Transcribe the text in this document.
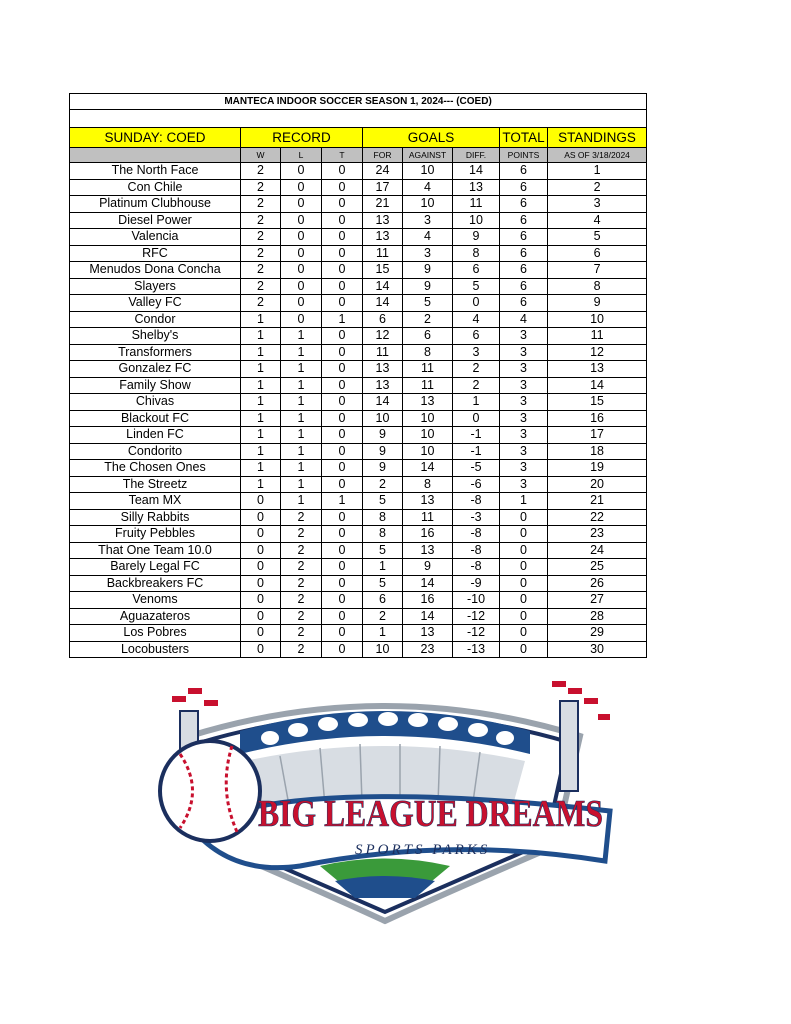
MANTECA INDOOR SOCCER SEASON 1, 2024--- (COED)								

SUNDAY: COED	RECORD			GOALS			TOTAL	STANDINGS
	W	L	T	FOR	AGAINST	DIFF.	POINTS	AS OF 3/18/2024
The North Face	2	0	0	24	10	14	6	1
Con Chile	2	0	0	17	4	13	6	2
Platinum Clubhouse	2	0	0	21	10	11	6	3
Diesel Power	2	0	0	13	3	10	6	4
Valencia	2	0	0	13	4	9	6	5
RFC	2	0	0	11	3	8	6	6
Menudos Dona Concha	2	0	0	15	9	6	6	7
Slayers	2	0	0	14	9	5	6	8
Valley FC	2	0	0	14	5	0	6	9
Condor	1	0	1	6	2	4	4	10
Shelby's	1	1	0	12	6	6	3	11
Transformers	1	1	0	11	8	3	3	12
Gonzalez FC	1	1	0	13	11	2	3	13
Family Show	1	1	0	13	11	2	3	14
Chivas	1	1	0	14	13	1	3	15
Blackout FC	1	1	0	10	10	0	3	16
Linden FC	1	1	0	9	10	-1	3	17
Condorito	1	1	0	9	10	-1	3	18
The Chosen Ones	1	1	0	9	14	-5	3	19
The Streetz	1	1	0	2	8	-6	3	20
Team MX	0	1	1	5	13	-8	1	21
Silly Rabbits	0	2	0	8	11	-3	0	22
Fruity Pebbles	0	2	0	8	16	-8	0	23
That One Team 10.0	0	2	0	5	13	-8	0	24
Barely Legal FC	0	2	0	1	9	-8	0	25
Backbreakers FC	0	2	0	5	14	-9	0	26
Venoms	0	2	0	6	16	-10	0	27
Aguazateros	0	2	0	2	14	-12	0	28
Los Pobres	0	2	0	1	13	-12	0	29
Locobusters	0	2	0	10	23	-13	0	30
BIG LEAGUE DREAMS
SPORTS PARKS
